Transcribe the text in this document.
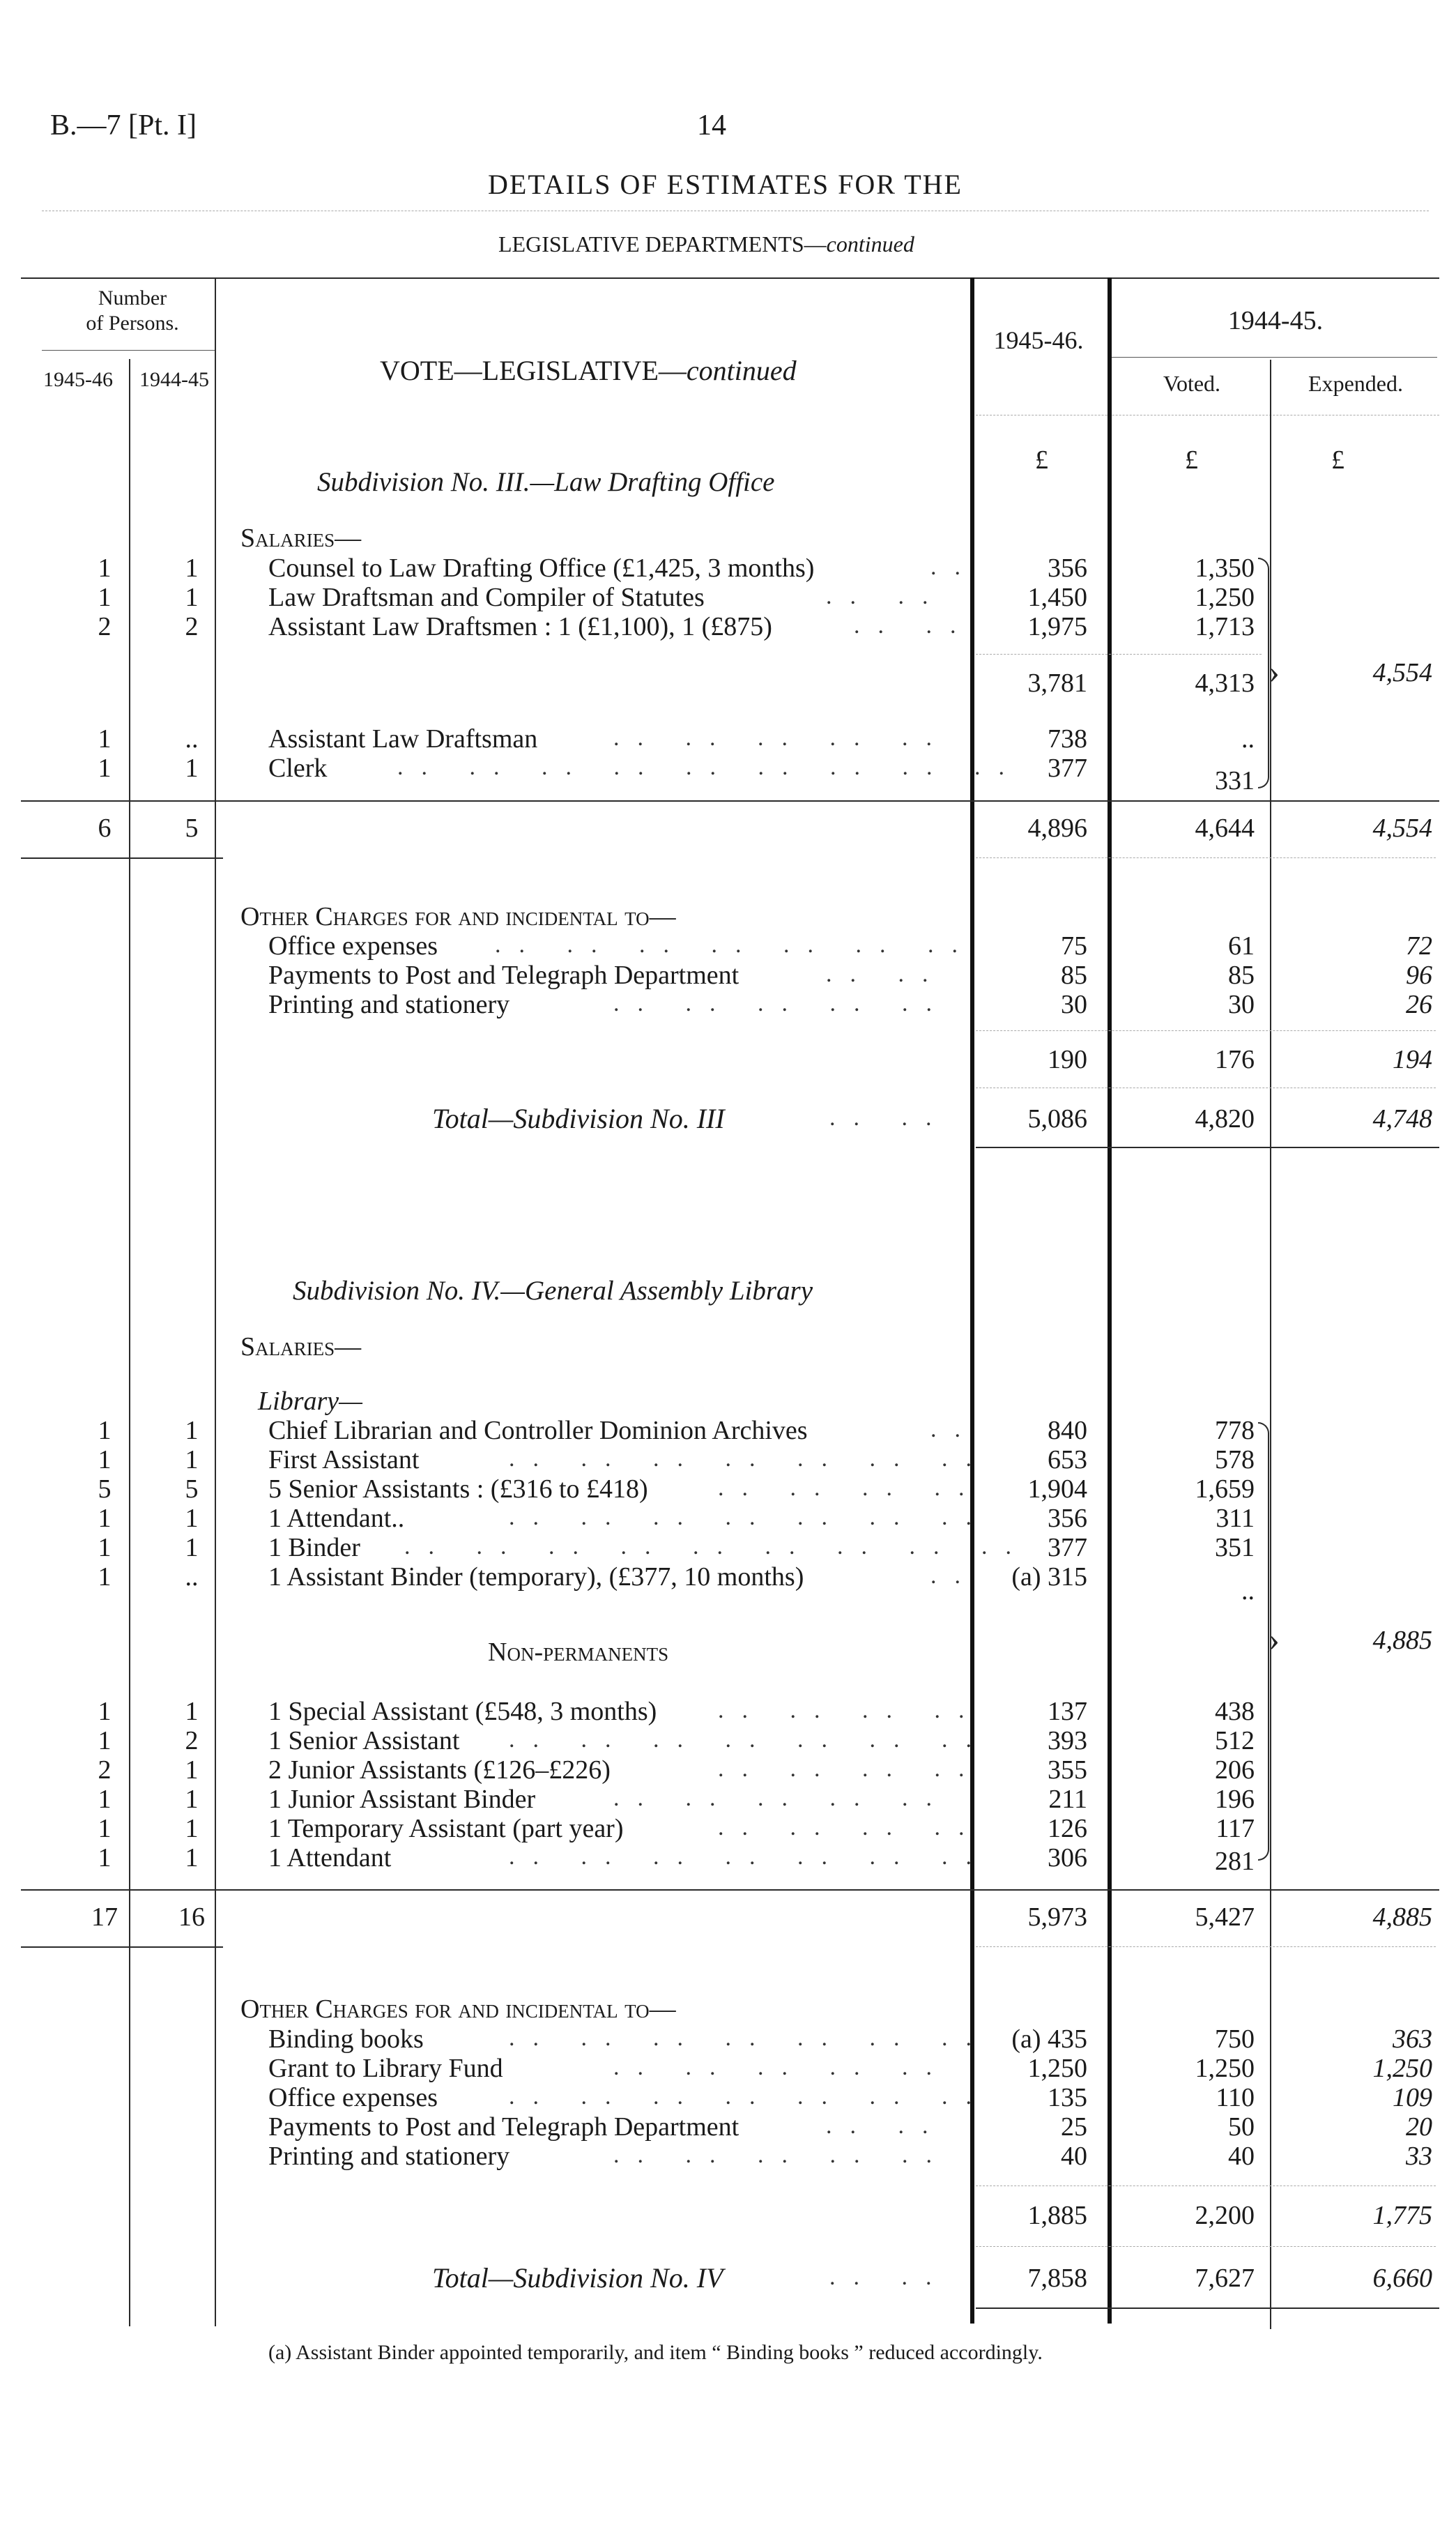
B.—7 [Pt. I]	14
DETAILS OF ESTIMATES FOR THE
LEGISLATIVE DEPARTMENTS—continued
Number
of Persons.
1945-46 1944-45	VOTE—LEGISLATIVE—continued
1945-46.
1944-45.
Voted.	Expended.
£	£	£
Subdivision No. III.—Law Drafting Office
Salaries—
1	1	Counsel to Law Drafting Office (£1,425, 3 months)	..	356	1,350
1	1	Law Draftsman and Compiler of Statutes	.. ..	1,450	1,250
2	2	Assistant Law Draftsmen : 1 (£1,100), 1 (£875)	.. ..	1,975	1,713
3,781	4,313 ›	4,554
1	..	Assistant Law Draftsman	.. .. .. .. ..	738	..
1	1	Clerk	.. .. .. .. .. .. .. .. .. 377	331
6	5	4,896	4,644	4,554
Other Charges for and incidental to—
Office expenses .. .. .. .. .. .. ..	75	61	72
Payments to Post and Telegraph Department	.. ..	85	85	96
Printing and stationery	.. .. .. .. ..	30	30	26
190	176	194
Total—Subdivision No. III	.. ..	5,086	4,820	4,748
Subdivision No. IV.—General Assembly Library
Salaries—
Library—
1	1	Chief Librarian and Controller Dominion Archives	..	840	778
1	1	First Assistant	.. .. .. .. .. .. ..	653	578
5	5	5 Senior Assistants : (£316 to £418)	.. .. .. ..	1,904	1,659
1	1	1 Attendant..	.. .. .. .. .. .. ..	356	311
1	1	1 Binder .. .. .. .. .. .. .. .. .. 377	351
1	..	1 Assistant Binder (temporary), (£377, 10 months)	..	(a) 315	..
Non-permanents	›	4,885
1	1	1 Special Assistant (£548, 3 months)	.. .. .. ..	137	438
1	2	1 Senior Assistant .. .. .. .. .. .. ..	393	512
2	1	2 Junior Assistants (£126–£226)	.. .. .. ..	355	206
1	1	1 Junior Assistant Binder	.. .. .. .. ..	211	196
1	1	1 Temporary Assistant (part year)	.. .. .. ..	126	117
1	1	1 Attendant	.. .. .. .. .. .. ..	306	281
17 16	5,973	5,427	4,885
Other Charges for and incidental to—
Binding books	.. .. .. .. .. .. .. (a) 435	750	363
Grant to Library Fund	.. .. .. .. ..	1,250	1,250	1,250
Office expenses	.. .. .. .. .. .. ..	135	110	109
Payments to Post and Telegraph Department	.. ..	25	50	20
Printing and stationery	.. .. .. .. ..	40	40	33
1,885	2,200	1,775
Total—Subdivision No. IV	.. ..	7,858	7,627	6,660
(a) Assistant Binder appointed temporarily, and item “ Binding books ” reduced accordingly.
